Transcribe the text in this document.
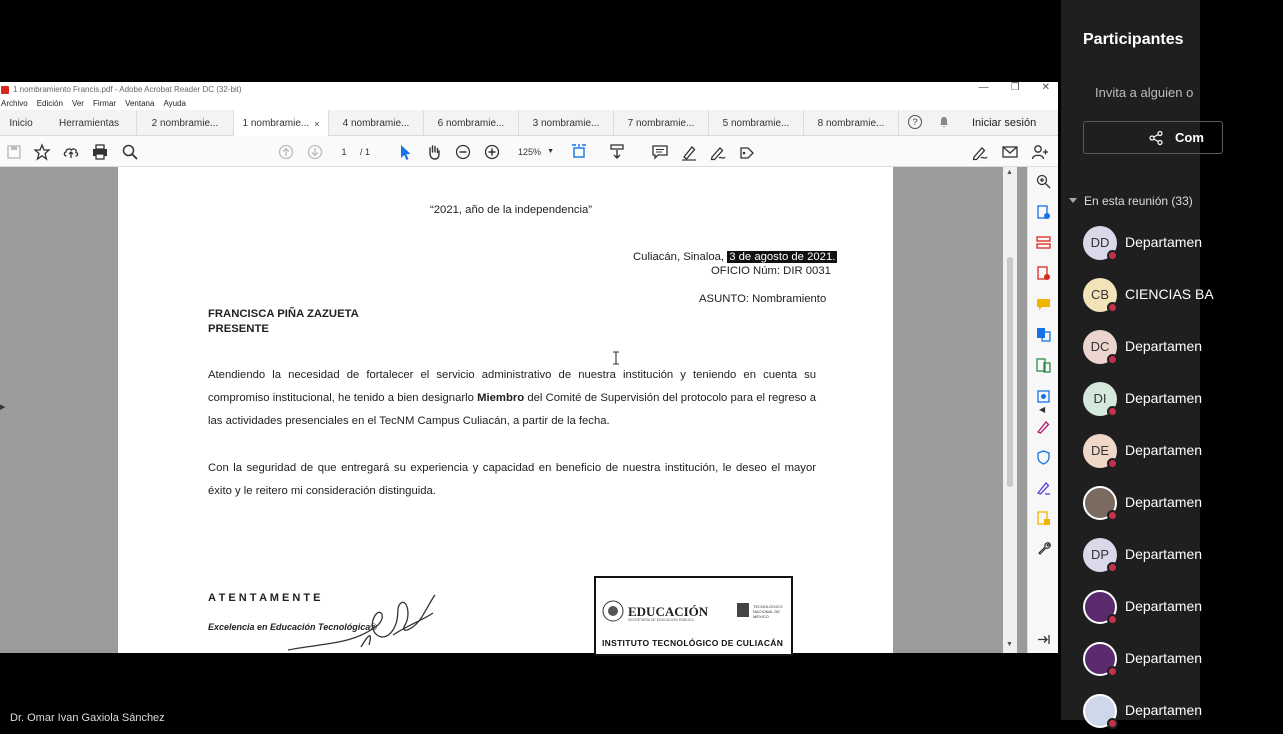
1 nombramiento Francis.pdf - Adobe Acrobat Reader DC (32-bit)	— ❐ ✕
Archivo Edición Ver Firmar Ventana Ayuda
Inicio	Herramientas	2 nombramie... 1 nombramie... × 4 nombramie...	6 nombramie...	3 nombramie...	7 nombramie...	5 nombramie...	8 nombramie...	?	Iniciar sesión
1	/ 1	125% ▼
“2021, año de la independencia”
Culiacán, Sinaloa, 3 de agosto de 2021.
OFICIO Núm: DIR 0031
ASUNTO: Nombramiento
FRANCISCA PIÑA ZAZUETA
PRESENTE
Atendiendo la necesidad de fortalecer el servicio administrativo de nuestra institución y teniendo en cuenta su compromiso institucional, he tenido a bien designarlo Miembro del Comité de Supervisión del protocolo para el regreso a las actividades presenciales en el TecNM Campus Culiacán, a partir de la fecha.
Con la seguridad de que entregará su experiencia y capacidad en beneficio de nuestra institución, le deseo el mayor éxito y le reitero mi consideración distinguida.
A T E N T A M E N T E
Excelencia en Educación Tecnológica®
EDUCACIÓN
SECRETARÍA DE EDUCACIÓN PÚBLICA
TECNOLÓGICO NACIONAL DE MÉXICO
INSTITUTO TECNOLÓGICO DE CULIACÁN
▶
▲
▼
◀
Participantes
Invita a alguien o
Com
En esta reunión (33)
DD	Departamen
CB	CIENCIAS BA
DC	Departamen
DI	Departamen
DE	Departamen
Departamen
DP	Departamen
Departamen
Departamen
Departamen
Dr. Omar Ivan Gaxiola Sánchez
